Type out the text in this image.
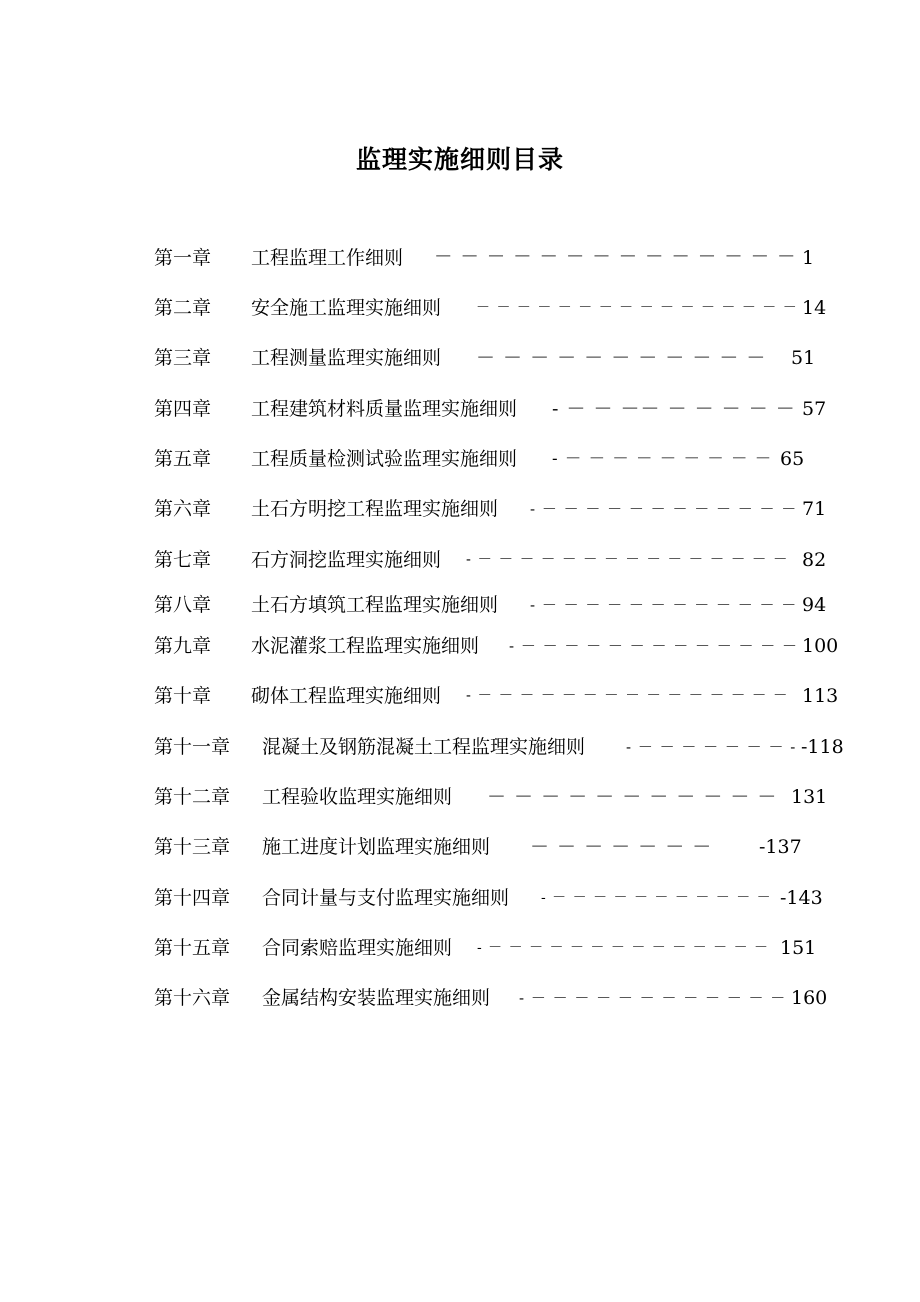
监理实施细则目录
第一章 工程监理工作细则 － － － － － － － － － － － － － － 1
第二章 安全施工监理实施细则 － － － － － － － － － － － － － － － － 14
第三章 工程测量监理实施细则 － － － － － － － － － － － 51
第四章 工程建筑材料质量监理实施细则 - － － －－ － － － － － 57
第五章 工程质量检测试验监理实施细则 - － － － － － － － － － 65
第六章 土石方明挖工程监理实施细则 - － － － － － － － － － － － － 71
第七章 石方洞挖监理实施细则 - － － － － － － － － － － － － － － － 82
第八章 土石方填筑工程监理实施细则 - － － － － － － － － － － － － 94
第九章 水泥灌浆工程监理实施细则 - － － － － － － － － － － － － － 100
第十章 砌体工程监理实施细则 - － － － － － － － － － － － － － － － 113
第十一章 混凝土及钢筋混凝土工程监理实施细则	- － － － － － － － - -118
第十二章 工程验收监理实施细则 － － － － － － － － － － － 131
第十三章 施工进度计划监理实施细则 － － － － － － － -137
第十四章 合同计量与支付监理实施细则 - － － － － － － － － － － － -143
第十五章 合同索赔监理实施细则 - － － － － － － － － － － － － － － 151
第十六章 金属结构安装监理实施细则 - － － － － － － － － － － － － 160
